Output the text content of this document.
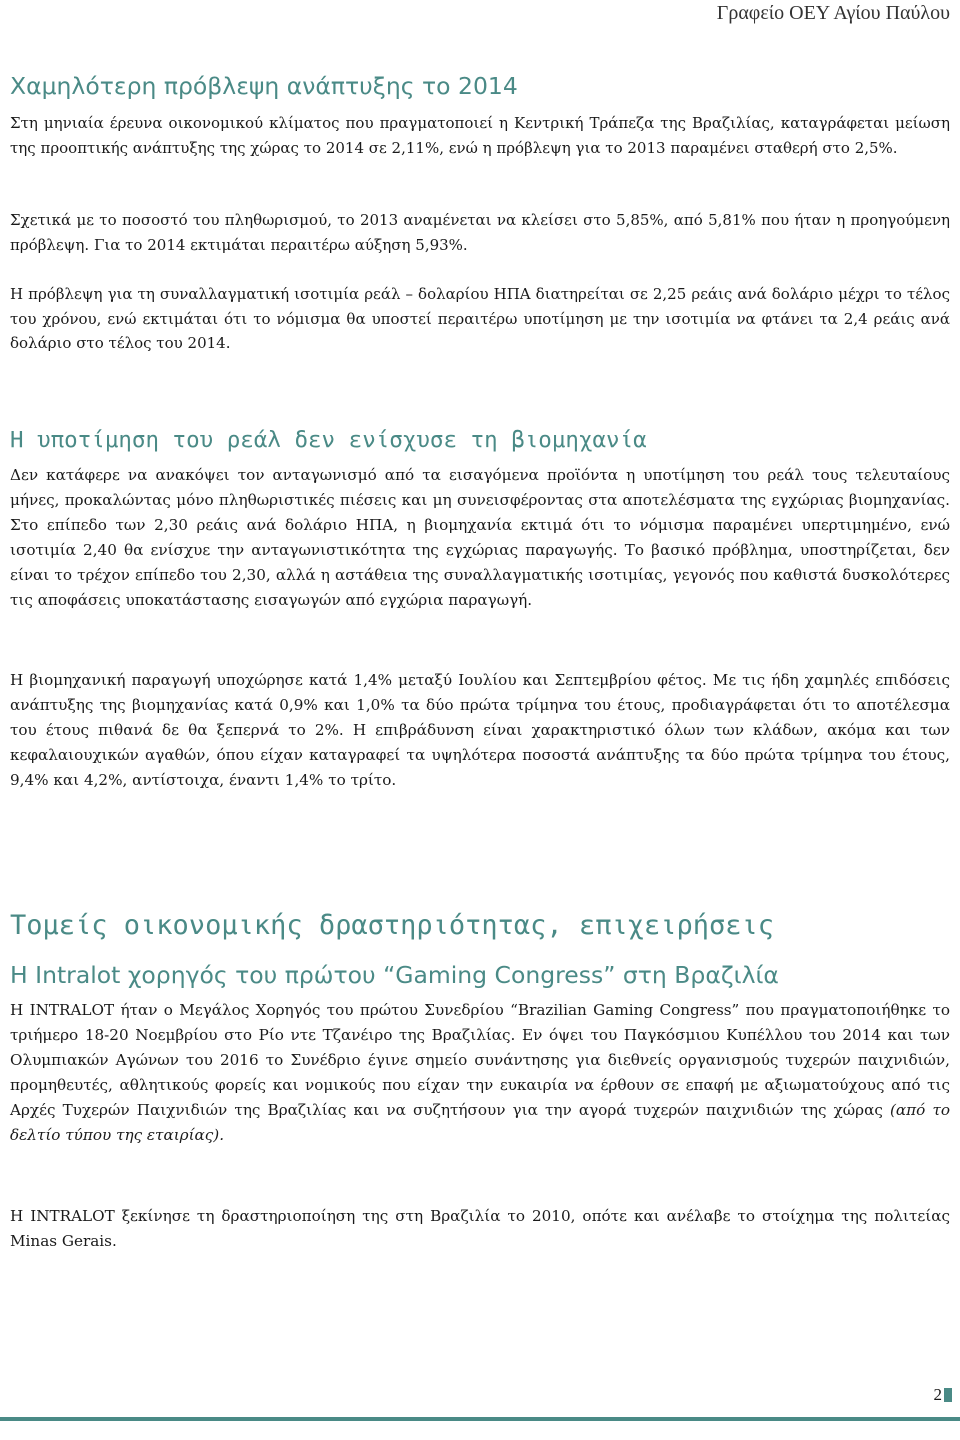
Γραφείο ΟΕΥ Αγίου Παύλου

Χαμηλότερη πρόβλεψη ανάπτυξης το 2014

Στη μηνιαία έρευνα οικονομικού κλίματος που πραγματοποιεί η Κεντρική Τράπεζα της Βραζιλίας, καταγράφεται μείωση της προοπτικής ανάπτυξης της χώρας το 2014 σε 2,11%, ενώ η πρόβλεψη για το 2013 παραμένει σταθερή στο 2,5%.

Σχετικά με το ποσοστό του πληθωρισμού, το 2013 αναμένεται να κλείσει στο 5,85%, από 5,81% που ήταν η προηγούμενη πρόβλεψη. Για το 2014 εκτιμάται περαιτέρω αύξηση 5,93%.

Η πρόβλεψη για τη συναλλαγματική ισοτιμία ρεάλ – δολαρίου ΗΠΑ διατηρείται σε 2,25 ρεάις ανά δολάριο μέχρι το τέλος του χρόνου, ενώ εκτιμάται ότι το νόμισμα θα υποστεί περαιτέρω υποτίμηση με την ισοτιμία να φτάνει τα 2,4 ρεάις ανά δολάριο στο τέλος του 2014.

Η υποτίμηση του ρεάλ δεν ενίσχυσε τη βιομηχανία

Δεν κατάφερε να ανακόψει τον ανταγωνισμό από τα εισαγόμενα προϊόντα η υποτίμηση του ρεάλ τους τελευταίους μήνες, προκαλώντας μόνο πληθωριστικές πιέσεις και μη συνεισφέροντας στα αποτελέσματα της εγχώριας βιομηχανίας. Στο επίπεδο των 2,30 ρεάις ανά δολάριο ΗΠΑ, η βιομηχανία εκτιμά ότι το νόμισμα παραμένει υπερτιμημένο, ενώ ισοτιμία 2,40 θα ενίσχυε την ανταγωνιστικότητα της εγχώριας παραγωγής. Το βασικό πρόβλημα, υποστηρίζεται, δεν είναι το τρέχον επίπεδο του 2,30, αλλά η αστάθεια της συναλλαγματικής ισοτιμίας, γεγονός που καθιστά δυσκολότερες τις αποφάσεις υποκατάστασης εισαγωγών από εγχώρια παραγωγή.

Η βιομηχανική παραγωγή υποχώρησε κατά 1,4% μεταξύ Ιουλίου και Σεπτεμβρίου φέτος. Με τις ήδη χαμηλές επιδόσεις ανάπτυξης της βιομηχανίας κατά 0,9% και 1,0% τα δύο πρώτα τρίμηνα του έτους, προδιαγράφεται ότι το αποτέλεσμα του έτους πιθανά δε θα ξεπερνά το 2%. Η επιβράδυνση είναι χαρακτηριστικό όλων των κλάδων, ακόμα και των κεφαλαιουχικών αγαθών, όπου είχαν καταγραφεί τα υψηλότερα ποσοστά ανάπτυξης τα δύο πρώτα τρίμηνα του έτους, 9,4% και 4,2%, αντίστοιχα, έναντι 1,4% το τρίτο.

Τομείς οικονομικής δραστηριότητας, επιχειρήσεις
Η Intralot χορηγός του πρώτου “Gaming Congress” στη Βραζιλία

Η INTRALOT ήταν ο Μεγάλος Χορηγός του πρώτου Συνεδρίου “Brazilian Gaming Congress” που πραγματοποιήθηκε το τριήμερο 18-20 Νοεμβρίου στο Ρίο ντε Τζανέιρο της Βραζιλίας. Εν όψει του Παγκόσμιου Κυπέλλου του 2014 και των Ολυμπιακών Αγώνων του 2016 το Συνέδριο έγινε σημείο συνάντησης για διεθνείς οργανισμούς τυχερών παιχνιδιών, προμηθευτές, αθλητικούς φορείς και νομικούς που είχαν την ευκαιρία να έρθουν σε επαφή με αξιωματούχους από τις Αρχές Τυχερών Παιχνιδιών της Βραζιλίας και να συζητήσουν για την αγορά τυχερών παιχνιδιών της χώρας (από το δελτίο τύπου της εταιρίας).

Η INTRALOT ξεκίνησε τη δραστηριοποίηση της στη Βραζιλία το 2010, οπότε και ανέλαβε το στοίχημα της πολιτείας Minas Gerais.

2
